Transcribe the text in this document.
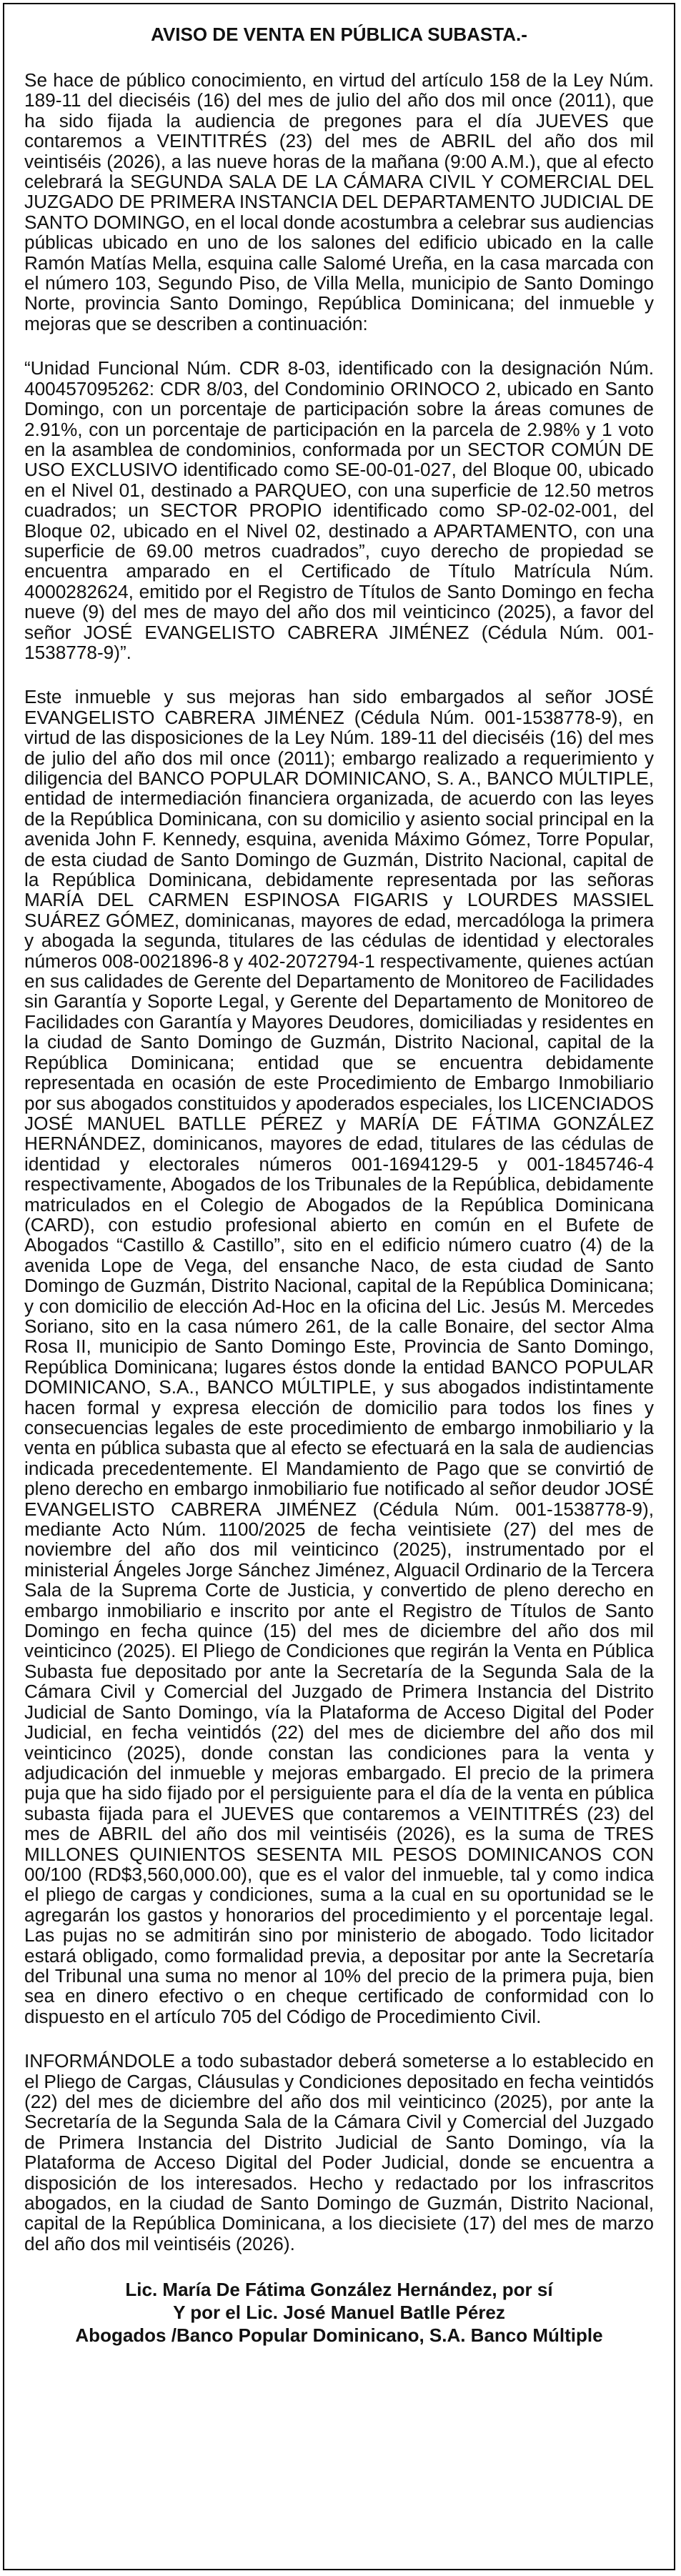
AVISO DE VENTA EN PÚBLICA SUBASTA.-

Se hace de público conocimiento, en virtud del artículo 158 de la Ley Núm. 189-11 del dieciséis (16) del mes de julio del año dos mil once (2011), que ha sido fijada la audiencia de pregones para el día JUEVES que contaremos a VEINTITRÉS (23) del mes de ABRIL del año dos mil veintiséis (2026), a las nueve horas de la mañana (9:00 A.M.), que al efecto celebrará la SEGUNDA SALA DE LA CÁMARA CIVIL Y COMERCIAL DEL JUZGADO DE PRIMERA INSTANCIA DEL DEPARTAMENTO JUDICIAL DE SANTO DOMINGO, en el local donde acostumbra a celebrar sus audiencias públicas ubicado en uno de los salones del edificio ubicado en la calle Ramón Matías Mella, esquina calle Salomé Ureña, en la casa marcada con el número 103, Segundo Piso, de Villa Mella, municipio de Santo Domingo Norte, provincia Santo Domingo, República Dominicana; del inmueble y mejoras que se describen a continuación:

“Unidad Funcional Núm. CDR 8-03, identificado con la designación Núm. 400457095262: CDR 8/03, del Condominio ORINOCO 2, ubicado en Santo Domingo, con un porcentaje de participación sobre la áreas comunes de 2.91%, con un porcentaje de participación en la parcela de 2.98% y 1 voto en la asamblea de condominios, conformada por un SECTOR COMÚN DE USO EXCLUSIVO identificado como SE-00-01-027, del Bloque 00, ubicado en el Nivel 01, destinado a PARQUEO, con una superficie de 12.50 metros cuadrados; un SECTOR PROPIO identificado como SP-02-02-001, del Bloque 02, ubicado en el Nivel 02, destinado a APARTAMENTO, con una superficie de 69.00 metros cuadrados”, cuyo derecho de propiedad se encuentra amparado en el Certificado de Título Matrícula Núm. 4000282624, emitido por el Registro de Títulos de Santo Domingo en fecha nueve (9) del mes de mayo del año dos mil veinticinco (2025), a favor del señor JOSÉ EVANGELISTO CABRERA JIMÉNEZ (Cédula Núm. 001-1538778-9)”.

Este inmueble y sus mejoras han sido embargados al señor JOSÉ EVANGELISTO CABRERA JIMÉNEZ (Cédula Núm. 001-1538778-9), en virtud de las disposiciones de la Ley Núm. 189-11 del dieciséis (16) del mes de julio del año dos mil once (2011); embargo realizado a requerimiento y diligencia del BANCO POPULAR DOMINICANO, S. A., BANCO MÚLTIPLE, entidad de intermediación financiera organizada, de acuerdo con las leyes de la República Dominicana, con su domicilio y asiento social principal en la avenida John F. Kennedy, esquina, avenida Máximo Gómez, Torre Popular, de esta ciudad de Santo Domingo de Guzmán, Distrito Nacional, capital de la República Dominicana, debidamente representada por las señoras MARÍA DEL CARMEN ESPINOSA FIGARIS y LOURDES MASSIEL SUÁREZ GÓMEZ, dominicanas, mayores de edad, mercadóloga la primera y abogada la segunda, titulares de las cédulas de identidad y electorales números 008-0021896-8 y 402-2072794-1 respectivamente, quienes actúan en sus calidades de Gerente del Departamento de Monitoreo de Facilidades sin Garantía y Soporte Legal, y Gerente del Departamento de Monitoreo de Facilidades con Garantía y Mayores Deudores, domiciliadas y residentes en la ciudad de Santo Domingo de Guzmán, Distrito Nacional, capital de la República Dominicana; entidad que se encuentra debidamente representada en ocasión de este Procedimiento de Embargo Inmobiliario por sus abogados constituidos y apoderados especiales, los LICENCIADOS JOSÉ MANUEL BATLLE PÉREZ y MARÍA DE FÁTIMA GONZÁLEZ HERNÁNDEZ, dominicanos, mayores de edad, titulares de las cédulas de identidad y electorales números 001-1694129-5 y 001-1845746-4 respectivamente, Abogados de los Tribunales de la República, debidamente matriculados en el Colegio de Abogados de la República Dominicana (CARD), con estudio profesional abierto en común en el Bufete de Abogados “Castillo & Castillo”, sito en el edificio número cuatro (4) de la avenida Lope de Vega, del ensanche Naco, de esta ciudad de Santo Domingo de Guzmán, Distrito Nacional, capital de la República Dominicana; y con domicilio de elección Ad-Hoc en la oficina del Lic. Jesús M. Mercedes Soriano, sito en la casa número 261, de la calle Bonaire, del sector Alma Rosa II, municipio de Santo Domingo Este, Provincia de Santo Domingo, República Dominicana; lugares éstos donde la entidad BANCO POPULAR DOMINICANO, S.A., BANCO MÚLTIPLE, y sus abogados indistintamente hacen formal y expresa elección de domicilio para todos los fines y consecuencias legales de este procedimiento de embargo inmobiliario y la venta en pública subasta que al efecto se efectuará en la sala de audiencias indicada precedentemente. El Mandamiento de Pago que se convirtió de pleno derecho en embargo inmobiliario fue notificado al señor deudor JOSÉ EVANGELISTO CABRERA JIMÉNEZ (Cédula Núm. 001-1538778-9), mediante Acto Núm. 1100/2025 de fecha veintisiete (27) del mes de noviembre del año dos mil veinticinco (2025), instrumentado por el ministerial Ángeles Jorge Sánchez Jiménez, Alguacil Ordinario de la Tercera Sala de la Suprema Corte de Justicia, y convertido de pleno derecho en embargo inmobiliario e inscrito por ante el Registro de Títulos de Santo Domingo en fecha quince (15) del mes de diciembre del año dos mil veinticinco (2025). El Pliego de Condiciones que regirán la Venta en Pública Subasta fue depositado por ante la Secretaría de la Segunda Sala de la Cámara Civil y Comercial del Juzgado de Primera Instancia del Distrito Judicial de Santo Domingo, vía la Plataforma de Acceso Digital del Poder Judicial, en fecha veintidós (22) del mes de diciembre del año dos mil veinticinco (2025), donde constan las condiciones para la venta y adjudicación del inmueble y mejoras embargado. El precio de la primera puja que ha sido fijado por el persiguiente para el día de la venta en pública subasta fijada para el JUEVES que contaremos a VEINTITRÉS (23) del mes de ABRIL del año dos mil veintiséis (2026), es la suma de TRES MILLONES QUINIENTOS SESENTA MIL PESOS DOMINICANOS CON 00/100 (RD$3,560,000.00), que es el valor del inmueble, tal y como indica el pliego de cargas y condiciones, suma a la cual en su oportunidad se le agregarán los gastos y honorarios del procedimiento y el porcentaje legal. Las pujas no se admitirán sino por ministerio de abogado. Todo licitador estará obligado, como formalidad previa, a depositar por ante la Secretaría del Tribunal una suma no menor al 10% del precio de la primera puja, bien sea en dinero efectivo o en cheque certificado de conformidad con lo dispuesto en el artículo 705 del Código de Procedimiento Civil.

INFORMÁNDOLE a todo subastador deberá someterse a lo establecido en el Pliego de Cargas, Cláusulas y Condiciones depositado en fecha veintidós (22) del mes de diciembre del año dos mil veinticinco (2025), por ante la Secretaría de la Segunda Sala de la Cámara Civil y Comercial del Juzgado de Primera Instancia del Distrito Judicial de Santo Domingo, vía la Plataforma de Acceso Digital del Poder Judicial, donde se encuentra a disposición de los interesados. Hecho y redactado por los infrascritos abogados, en la ciudad de Santo Domingo de Guzmán, Distrito Nacional, capital de la República Dominicana, a los diecisiete (17) del mes de marzo del año dos mil veintiséis (2026).

Lic. María De Fátima González Hernández, por sí
Y por el Lic. José Manuel Batlle Pérez
Abogados /Banco Popular Dominicano, S.A. Banco Múltiple
